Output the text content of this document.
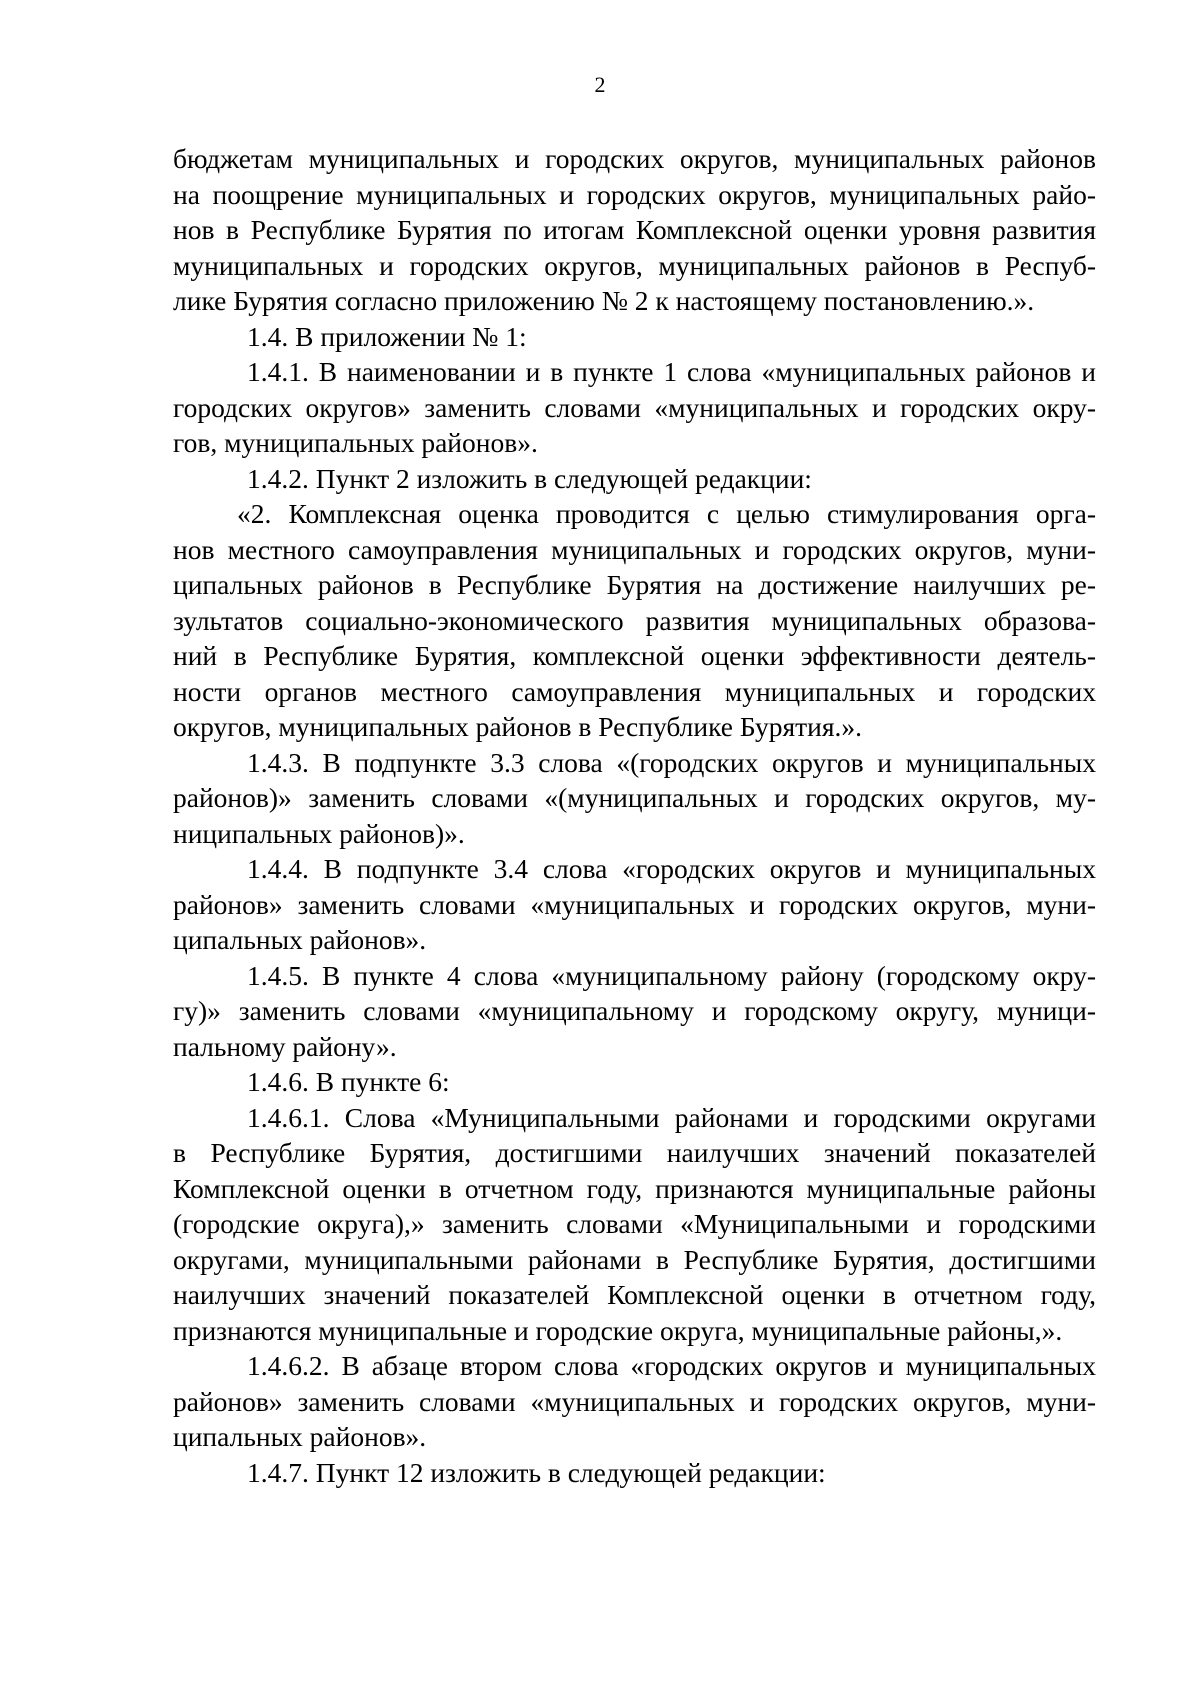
2
бюджетам муниципальных и городских округов, муниципальных районов
на поощрение муниципальных и городских округов, муниципальных райо-
нов в Республике Бурятия по итогам Комплексной оценки уровня развития
муниципальных и городских округов, муниципальных районов в Респуб-
лике Бурятия согласно приложению № 2 к настоящему постановлению.».
1.4. В приложении № 1:
1.4.1. В наименовании и в пункте 1 слова «муниципальных районов и
городских округов» заменить словами «муниципальных и городских окру-
гов, муниципальных районов».
1.4.2. Пункт 2 изложить в следующей редакции:
«2. Комплексная оценка проводится с целью стимулирования орга-
нов местного самоуправления муниципальных и городских округов, муни-
ципальных районов в Республике Бурятия на достижение наилучших ре-
зультатов социально-экономического развития муниципальных образова-
ний в Республике Бурятия, комплексной оценки эффективности деятель-
ности органов местного самоуправления муниципальных и городских
округов, муниципальных районов в Республике Бурятия.».
1.4.3. В подпункте 3.3 слова «(городских округов и муниципальных
районов)» заменить словами «(муниципальных и городских округов, му-
ниципальных районов)».
1.4.4. В подпункте 3.4 слова «городских округов и муниципальных
районов» заменить словами «муниципальных и городских округов, муни-
ципальных районов».
1.4.5. В пункте 4 слова «муниципальному району (городскому окру-
гу)» заменить словами «муниципальному и городскому округу, муници-
пальному району».
1.4.6. В пункте 6:
1.4.6.1. Слова «Муниципальными районами и городскими округами
в Республике Бурятия, достигшими наилучших значений показателей
Комплексной оценки в отчетном году, признаются муниципальные районы
(городские округа),» заменить словами «Муниципальными и городскими
округами, муниципальными районами в Республике Бурятия, достигшими
наилучших значений показателей Комплексной оценки в отчетном году,
признаются муниципальные и городские округа, муниципальные районы,».
1.4.6.2. В абзаце втором слова «городских округов и муниципальных
районов» заменить словами «муниципальных и городских округов, муни-
ципальных районов».
1.4.7. Пункт 12 изложить в следующей редакции:
